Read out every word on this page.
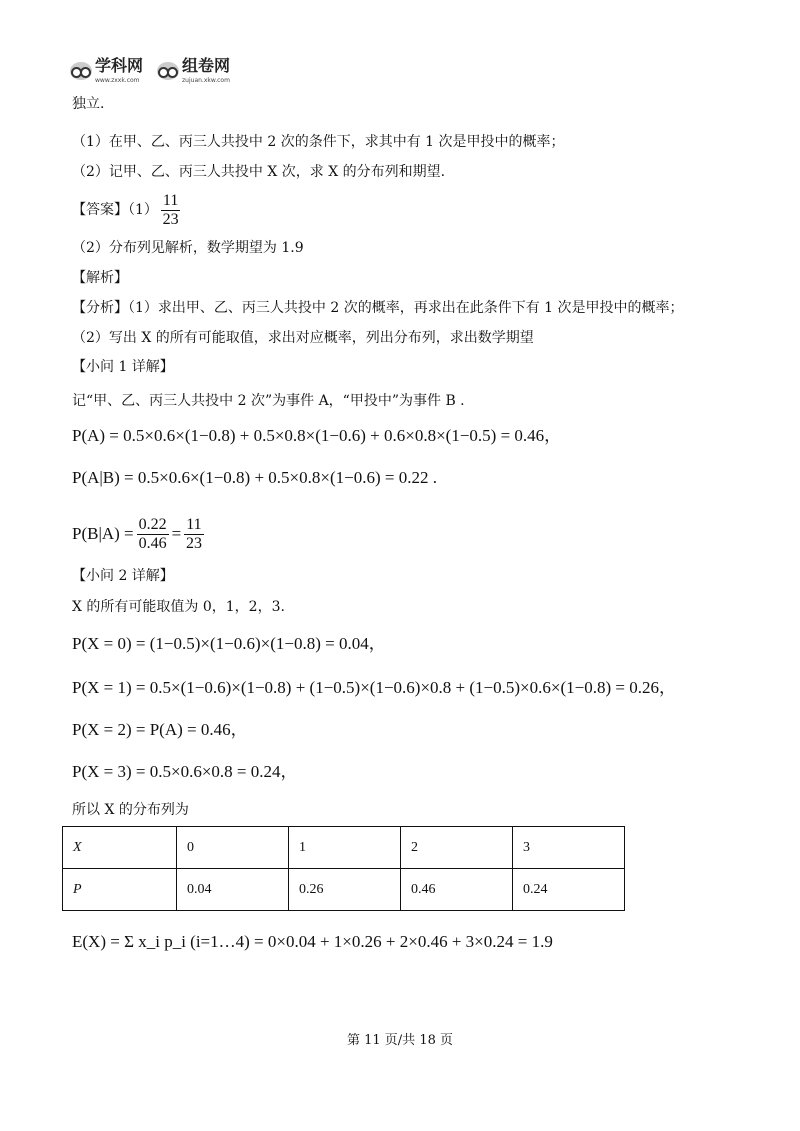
学科网
www.zxxk.com
组卷网
zujuan.xkw.com
独立.
（1）在甲、乙、丙三人共投中 2 次的条件下，求其中有 1 次是甲投中的概率；
（2）记甲、乙、丙三人共投中 X 次，求 X 的分布列和期望.
【答案】$(1) \frac{11}{23}$
（2）分布列见解析，数学期望为 1.9
【解析】
【分析】（1）求出甲、乙、丙三人共投中 2 次的概率，再求出在此条件下有 1 次是甲投中的概率；
（2）写出 X 的所有可能取值，求出对应概率，列出分布列，求出数学期望
【小问 1 详解】
记“甲、乙、丙三人共投中 2 次”为事件 A，“甲投中”为事件 B .
P(A) = 0.5×0.6×(1−0.8) + 0.5×0.8×(1−0.6) + 0.6×0.8×(1−0.5) = 0.46，
P(A|B) = 0.5×0.6×(1−0.8) + 0.5×0.8×(1−0.6) = 0.22 .
$P(B|A) = \frac{0.22}{0.46} = \frac{11}{23}$
【小问 2 详解】
X 的所有可能取值为 0，1，2，3.
P(X = 0) = (1−0.5)×(1−0.6)×(1−0.8) = 0.04，
P(X = 1) = 0.5×(1−0.6)×(1−0.8) + (1−0.5)×(1−0.6)×0.8 + (1−0.5)×0.6×(1−0.8) = 0.26，
P(X = 2) = P(A) = 0.46，
P(X = 3) = 0.5×0.6×0.8 = 0.24，
所以 X 的分布列为
X	0	1	2	3
P	0.04	0.26	0.46	0.24
E(X) = Σ x_i p_i (i=1…4) = 0×0.04 + 1×0.26 + 2×0.46 + 3×0.24 = 1.9
第 11 页/共 18 页
